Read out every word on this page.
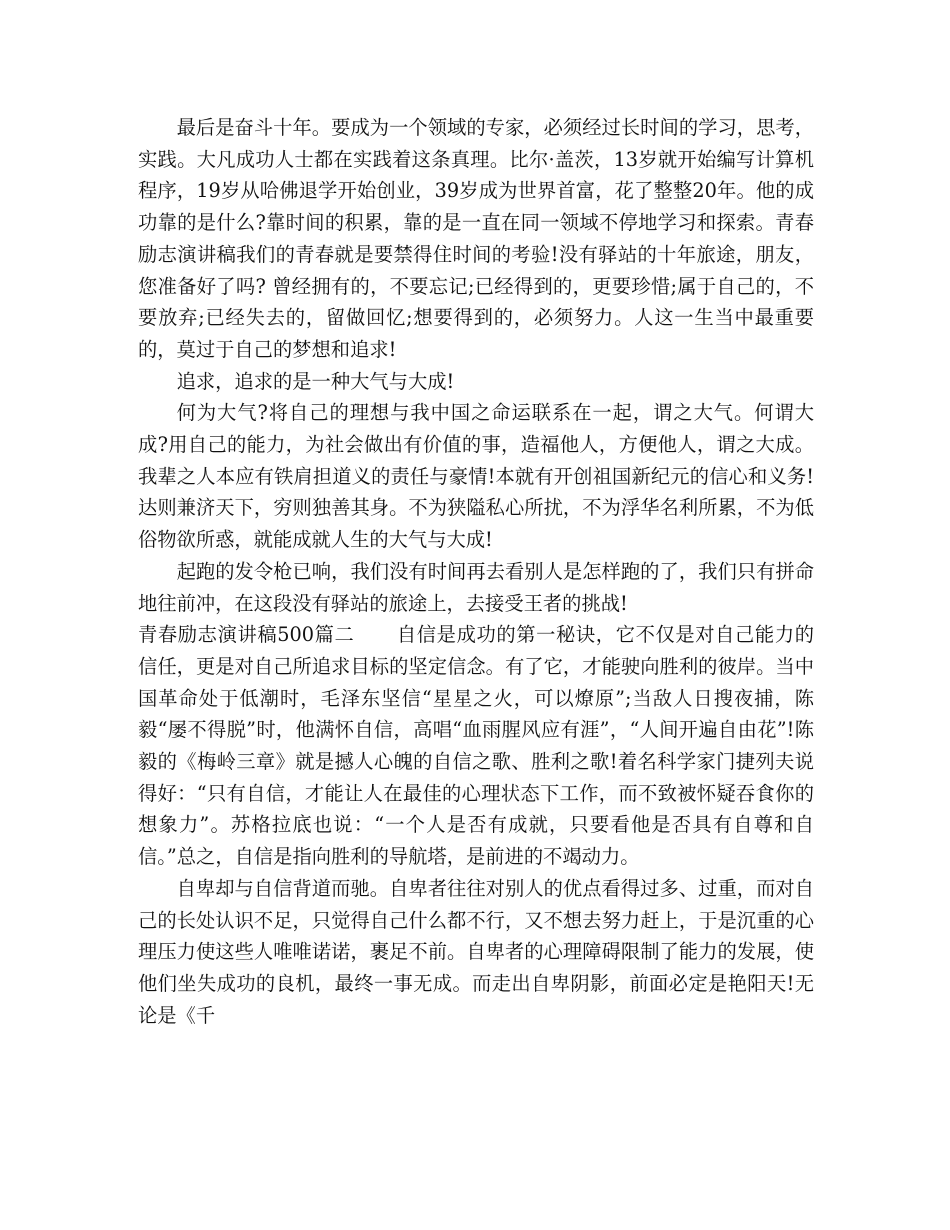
最后是奋斗十年。要成为一个领域的专家，必须经过长时间的学习，思考，实践。大凡成功人士都在实践着这条真理。比尔·盖茨，13岁就开始编写计算机程序，19岁从哈佛退学开始创业，39岁成为世界首富，花了整整20年。他的成功靠的是什么?靠时间的积累，靠的是一直在同一领域不停地学习和探索。青春励志演讲稿我们的青春就是要禁得住时间的考验!没有驿站的十年旅途，朋友，您准备好了吗? 曾经拥有的，不要忘记;已经得到的，更要珍惜;属于自己的，不要放弃;已经失去的，留做回忆;想要得到的，必须努力。人这一生当中最重要的，莫过于自己的梦想和追求!

追求，追求的是一种大气与大成!

何为大气?将自己的理想与我中国之命运联系在一起，谓之大气。何谓大成?用自己的能力，为社会做出有价值的事，造福他人，方便他人，谓之大成。我辈之人本应有铁肩担道义的责任与豪情!本就有开创祖国新纪元的信心和义务!达则兼济天下，穷则独善其身。不为狭隘私心所扰，不为浮华名利所累，不为低俗物欲所惑，就能成就人生的大气与大成!

起跑的发令枪已响，我们没有时间再去看别人是怎样跑的了，我们只有拼命地往前冲，在这段没有驿站的旅途上，去接受王者的挑战!

青春励志演讲稿500篇二 自信是成功的第一秘诀，它不仅是对自己能力的信任，更是对自己所追求目标的坚定信念。有了它，才能驶向胜利的彼岸。当中国革命处于低潮时，毛泽东坚信“星星之火，可以燎原”;当敌人日搜夜捕，陈毅“屡不得脱”时，他满怀自信，高唱“血雨腥风应有涯”，“人间开遍自由花”!陈毅的《梅岭三章》就是撼人心魄的自信之歌、胜利之歌!着名科学家门捷列夫说得好：“只有自信，才能让人在最佳的心理状态下工作，而不致被怀疑吞食你的想象力”。苏格拉底也说：“一个人是否有成就，只要看他是否具有自尊和自信。”总之，自信是指向胜利的导航塔，是前进的不竭动力。

自卑却与自信背道而驰。自卑者往往对别人的优点看得过多、过重，而对自己的长处认识不足，只觉得自己什么都不行，又不想去努力赶上，于是沉重的心理压力使这些人唯唯诺诺，裹足不前。自卑者的心理障碍限制了能力的发展，使他们坐失成功的良机，最终一事无成。而走出自卑阴影，前面必定是艳阳天!无论是《千
